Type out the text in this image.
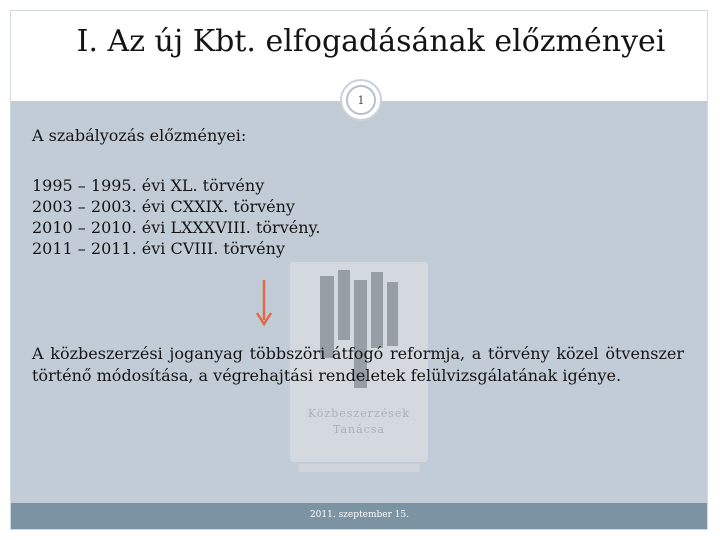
I. Az új Kbt. elfogadásának előzményei
1
Közbeszerzések
Tanácsa

A szabályozás előzményei:

1995 – 1995. évi XL. törvény
2003 – 2003. évi CXXIX. törvény
2010 – 2010. évi LXXXVIII. törvény.
2011 – 2011. évi CVIII. törvény

A közbeszerzési joganyag többszöri átfogó reformja, a törvény közel ötvenszer történő módosítása, a végrehajtási rendeletek felülvizsgálatának igénye.

2011. szeptember 15.
